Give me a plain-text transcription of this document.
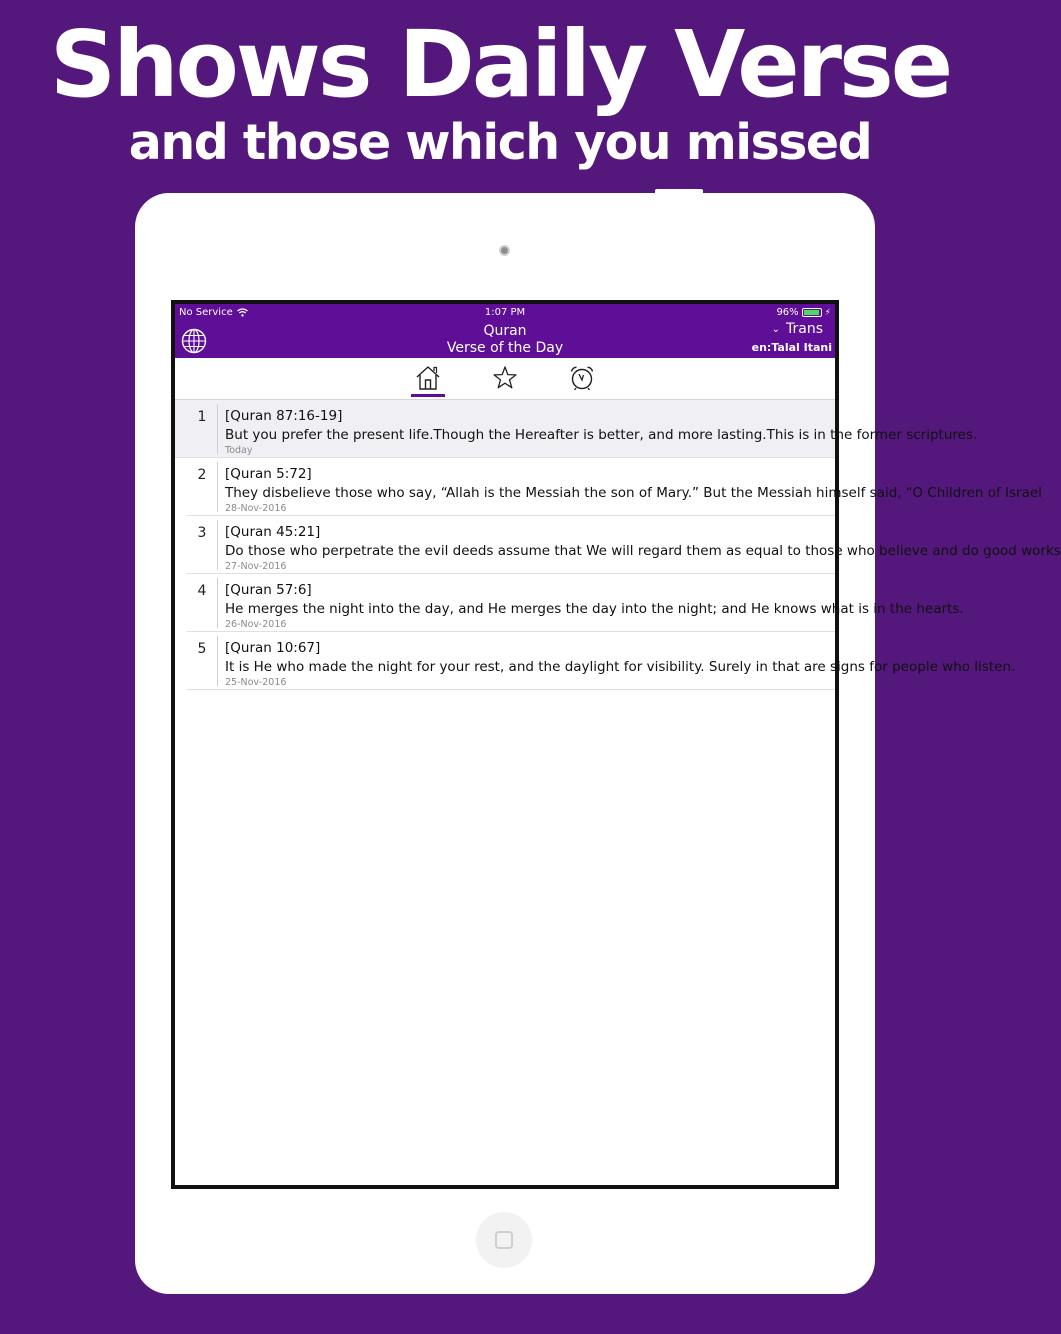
Shows Daily Verse
and those which you missed
No Service	1:07 PM	96%	⚡
Quran
Verse of the Day
⌄ Trans
en:Talal Itani
1	[Quran 87:16-19]
But you prefer the present life.Though the Hereafter is better, and more lasting.This is in the former scriptures.
Today
2	[Quran 5:72]
They disbelieve those who say, “Allah is the Messiah the son of Mary.” But the Messiah himself said, “O Children of Israel
28-Nov-2016
3	[Quran 45:21]
Do those who perpetrate the evil deeds assume that We will regard them as equal to those who believe and do good works
27-Nov-2016
4	[Quran 57:6]
He merges the night into the day, and He merges the day into the night; and He knows what is in the hearts.
26-Nov-2016
5	[Quran 10:67]
It is He who made the night for your rest, and the daylight for visibility. Surely in that are signs for people who listen.
25-Nov-2016
